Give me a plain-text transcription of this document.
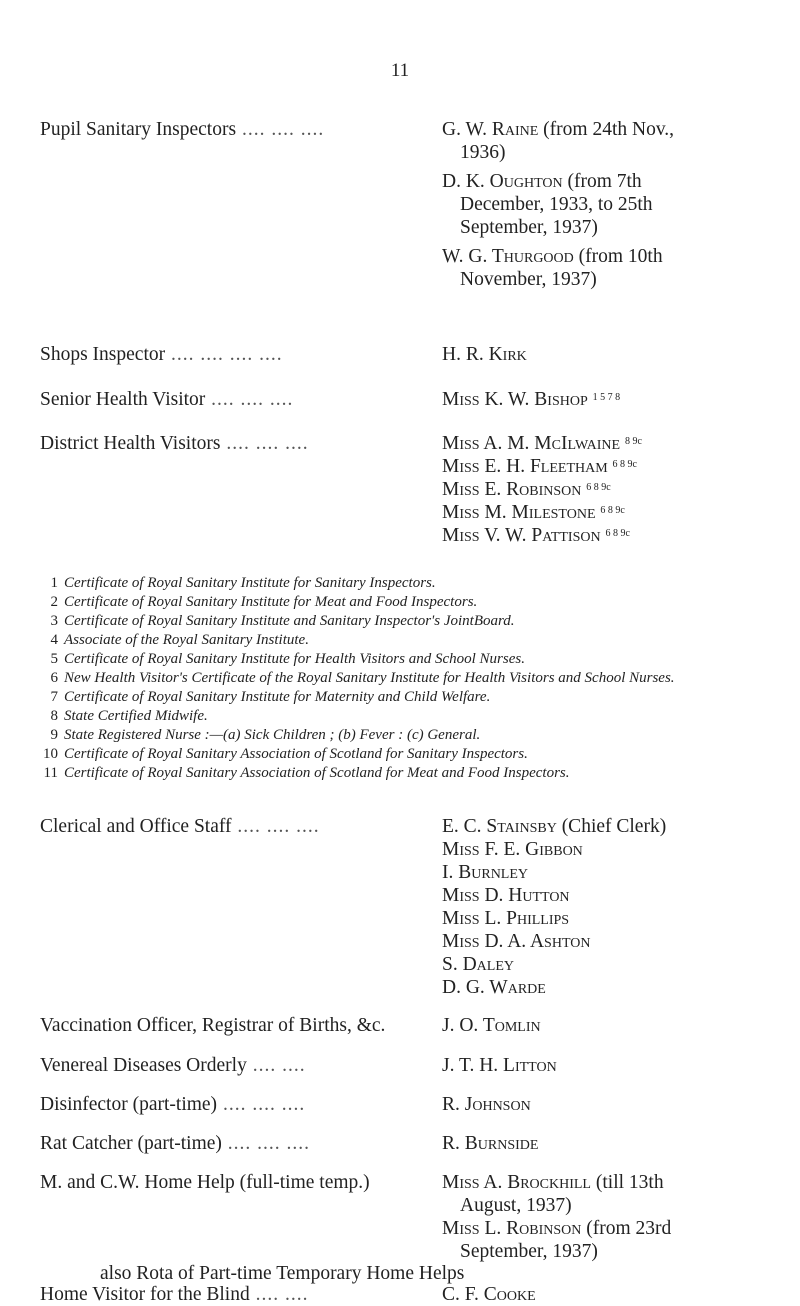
11
Pupil Sanitary Inspectors .... .... ....	G. W. Raine (from 24th Nov.,
1936)
D. K. Oughton (from 7th
December, 1933, to 25th
September, 1937)
W. G. Thurgood (from 10th
November, 1937)
Shops Inspector .... .... .... ....	H. R. Kirk
Senior Health Visitor .... .... ....	Miss K. W. Bishop $^{1 5 7 8}$
District Health Visitors .... .... ....	Miss A. M. McIlwaine $^{8 9c}$
Miss E. H. Fleetham $^{6 8 9c}$
Miss E. Robinson $^{6 8 9c}$
Miss M. Milestone $^{6 8 9c}$
Miss V. W. Pattison $^{6 8 9c}$
1 Certificate of Royal Sanitary Institute for Sanitary Inspectors.
2 Certificate of Royal Sanitary Institute for Meat and Food Inspectors.
3 Certificate of Royal Sanitary Institute and Sanitary Inspector's JointBoard.
4 Associate of the Royal Sanitary Institute.
5 Certificate of Royal Sanitary Institute for Health Visitors and School Nurses.
6 New Health Visitor's Certificate of the Royal Sanitary Institute for Health Visitors and School Nurses.
7 Certificate of Royal Sanitary Institute for Maternity and Child Welfare.
8 State Certified Midwife.
9 State Registered Nurse :—(a) Sick Children ; (b) Fever : (c) General.
10 Certificate of Royal Sanitary Association of Scotland for Sanitary Inspectors.
11 Certificate of Royal Sanitary Association of Scotland for Meat and Food Inspectors.
Clerical and Office Staff .... .... ....	E. C. Stainsby (Chief Clerk)
Miss F. E. Gibbon
I. Burnley
Miss D. Hutton
Miss L. Phillips
Miss D. A. Ashton
S. Daley
D. G. Warde
Vaccination Officer, Registrar of Births, &c.	J. O. Tomlin
Venereal Diseases Orderly .... ....	J. T. H. Litton
Disinfector (part-time) .... .... ....	R. Johnson
Rat Catcher (part-time) .... .... ....	R. Burnside
M. and C.W. Home Help (full-time temp.)	Miss A. Brockhill (till 13th
August, 1937)
Miss L. Robinson (from 23rd
September, 1937)
also Rota of Part-time Temporary Home Helps
Home Visitor for the Blind .... ....	C. F. Cooke
